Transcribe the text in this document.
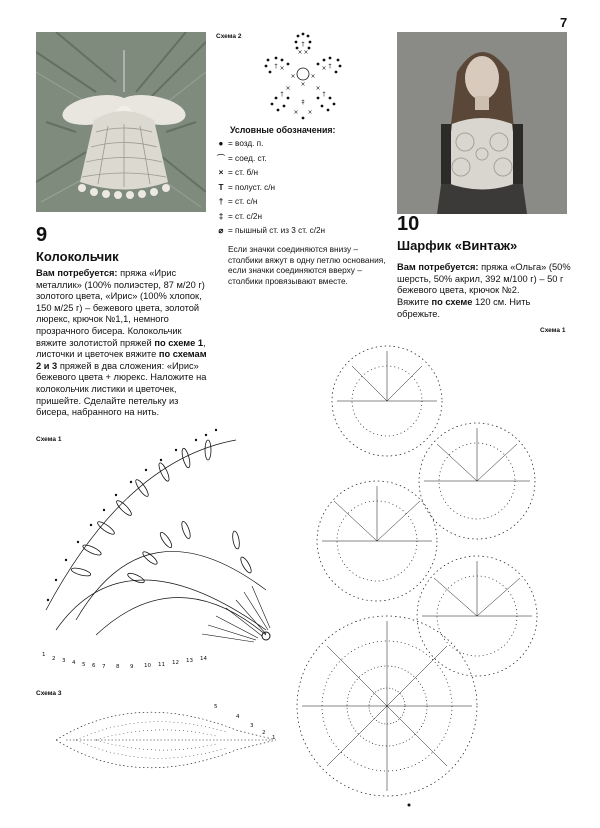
7
Схема 2
× ×
†
† ×	†
×
†
×
†
×
×
× ×
‡
× ×
Условные обозначения:
● = возд. п.
⌒ = соед. ст.
× = ст. б/н
T = полуст. с/н
† = ст. с/н
‡ = ст. с/2н
⌀ = пышный ст. из 3 ст. с/2н
Если значки соединяются внизу – столбики вяжут в одну петлю основания, если значки соединяются вверху – столбики провязывают вместе.
9
Колокольчик
Вам потребуется: пряжа «Ирис металлик» (100% полиэстер, 87 м/20 г) золотого цвета, «Ирис» (100% хлопок, 150 м/25 г) – бежевого цвета, золотой люрекс, крючок №1,1, немного прозрачного бисера. Колокольчик вяжите золотистой пряжей по схеме 1, листочки и цветочек вяжите по схемам 2 и 3 пряжей в два сложения: «Ирис» бежевого цвета + люрекс. Наложите на колокольчик листики и цветочек, пришейте. Сделайте петельку из бисера, набранного на нить.
10
Шарфик «Винтаж»
Вам потребуется: пряжа «Ольга» (50% шерсть, 50% акрил, 392 м/100 г) – 50 г бежевого цвета, крючок №2.
Вяжите по схеме 120 см. Нить обрежьте.
Схема 1
1
2 3 4 5 6 7 8 9 10 11 12 13 14
Схема 3
5
4
3
2
1
Схема 1
